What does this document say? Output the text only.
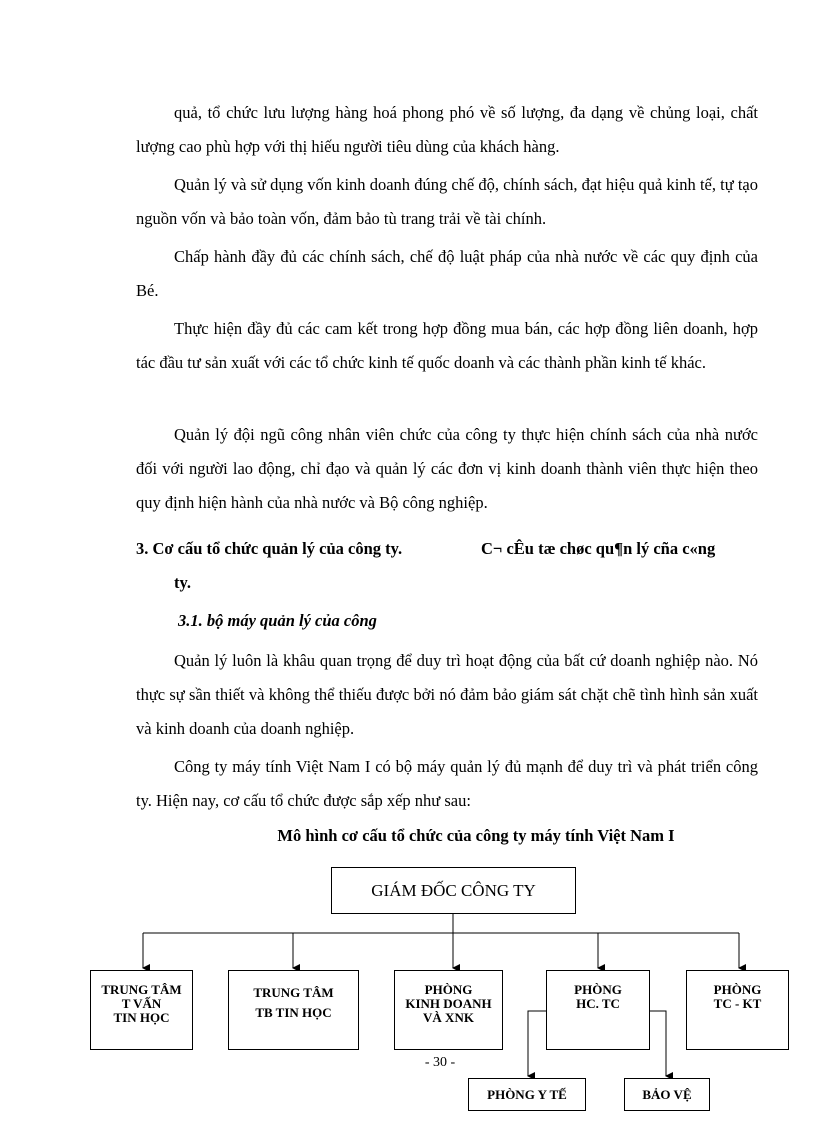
quả, tổ chức lưu lượng hàng hoá phong phó về số lượng, đa dạng về chủng loại, chất lượng cao phù hợp với thị hiếu người tiêu dùng của khách hàng.

Quản lý và sử dụng vốn kinh doanh đúng chế độ, chính sách, đạt hiệu quả kinh tế, tự tạo nguồn vốn và bảo toàn vốn, đảm bảo tù trang trải về tài chính.

Chấp hành đầy đủ các chính sách, chế độ luật pháp của nhà nước về các quy định của Bé.

Thực hiện đầy đủ các cam kết trong hợp đồng mua bán, các hợp đồng liên doanh, hợp tác đầu tư sản xuất với các tổ chức kinh tế quốc doanh và các thành phần kinh tế khác.

Quản lý đội ngũ công nhân viên chức của công ty thực hiện chính sách của nhà nước đối với người lao động, chỉ đạo và quản lý các đơn vị kinh doanh thành viên thực hiện theo quy định hiện hành của nhà nước và Bộ công nghiệp.

3. Cơ cấu tổ chức quản lý của công ty.	C¬ cÊu tæ chøc qu¶n lý cña c«ng
ty.

3.1. bộ máy quản lý của công

Quản lý luôn là khâu quan trọng để duy trì hoạt động của bất cứ doanh nghiệp nào. Nó thực sự sần thiết và không thể thiếu được bởi nó đảm bảo giám sát chặt chẽ tình hình sản xuất và kinh doanh của doanh nghiệp.

Công ty máy tính Việt Nam I có bộ máy quản lý đủ mạnh để duy trì và phát triển công ty. Hiện nay, cơ cấu tổ chức được sắp xếp như sau:

Mô hình cơ cấu tổ chức của công ty máy tính Việt Nam I
GIÁM ĐỐC CÔNG TY
TRUNG TÂM
T VẤN
TIN HỌC
TRUNG TÂM
TB TIN HỌC
PHÒNG
KINH DOANH
VÀ XNK
PHÒNG
HC. TC
PHÒNG
TC - KT
- 30 -
PHÒNG Y TẾ	BẢO VỆ
